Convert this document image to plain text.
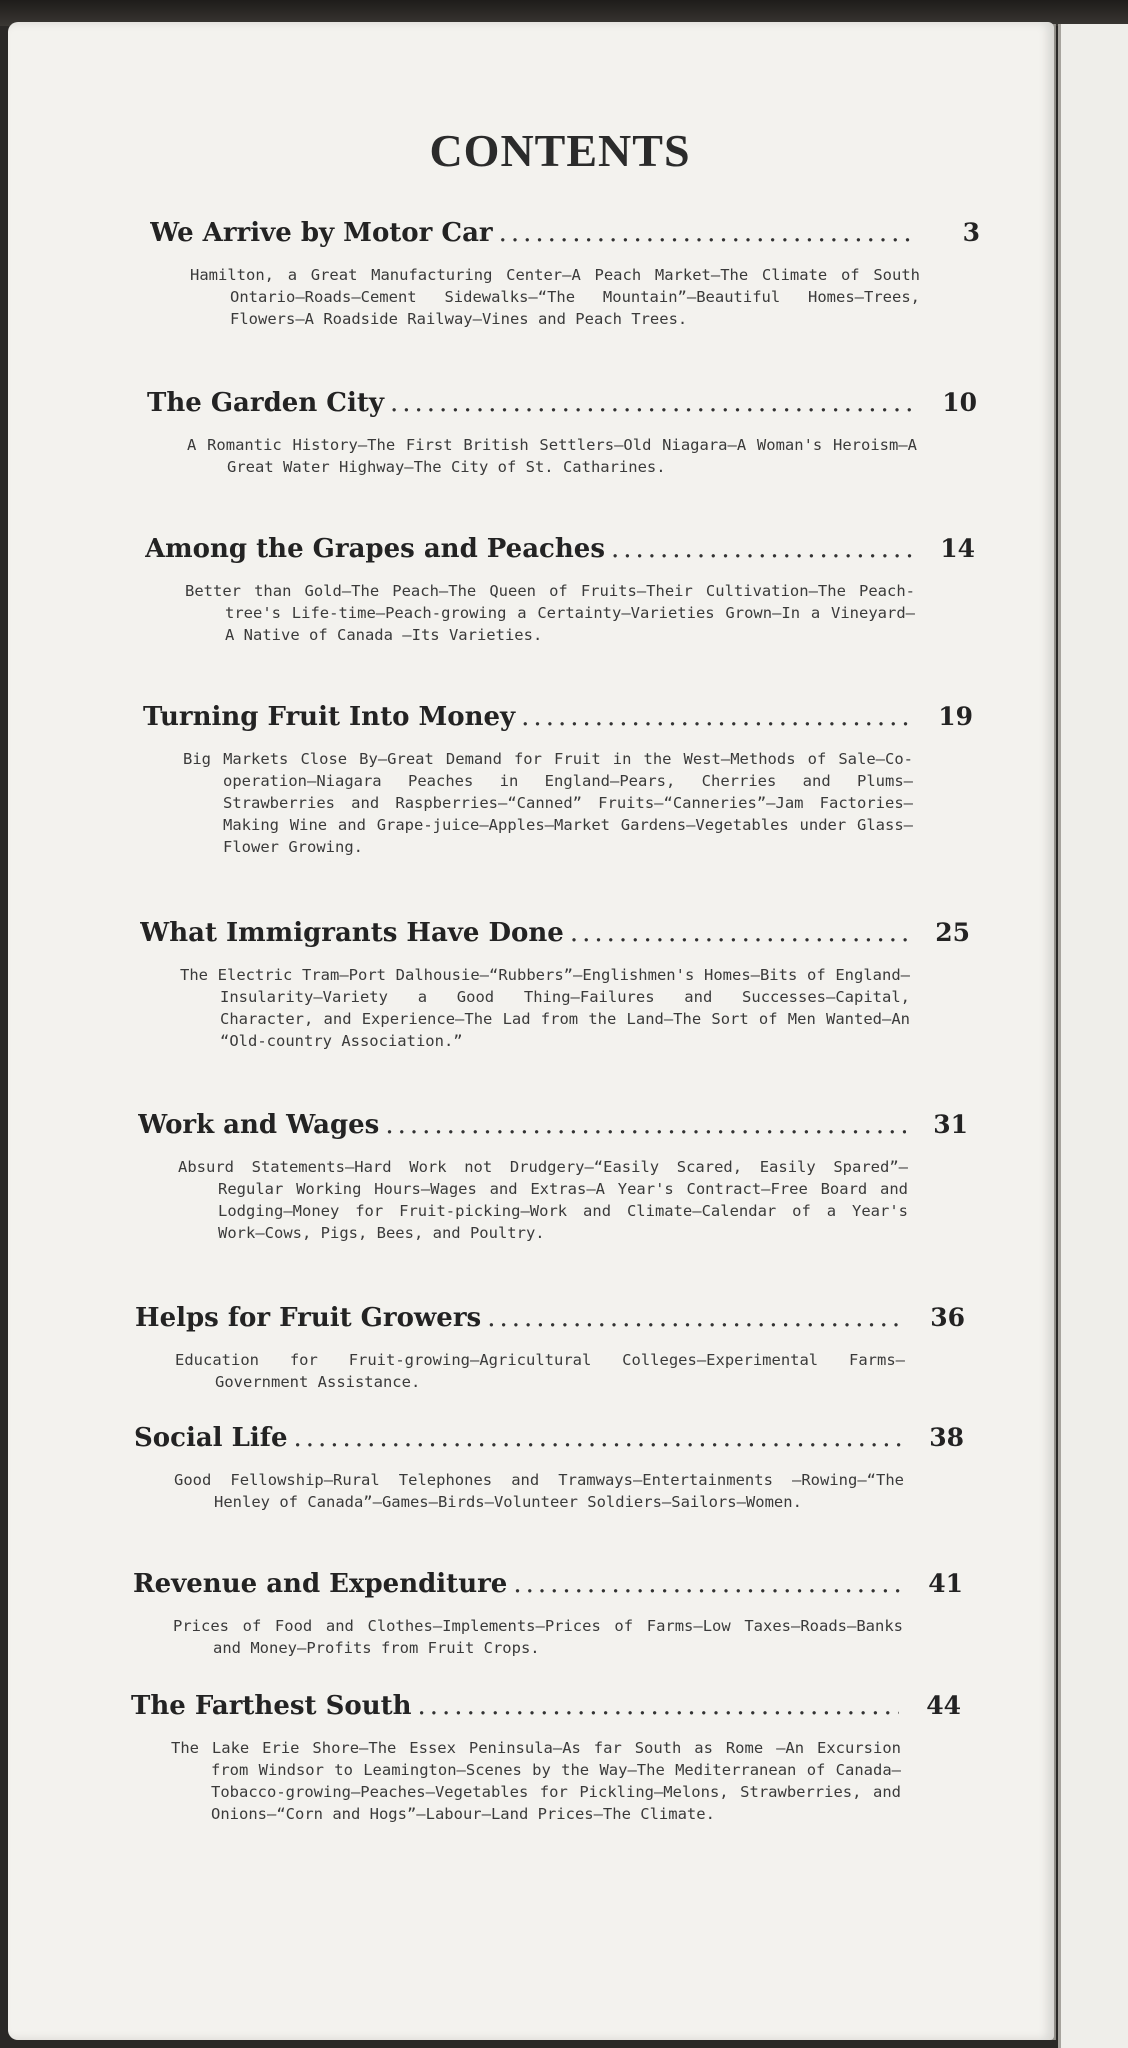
CONTENTS
We Arrive by Motor Car .....	3
Hamilton, a Great Manufacturing Center—A Peach Market—The Climate of South Ontario—Roads—Cement Sidewalks—“The Mountain”—Beautiful Homes—Trees, Flowers—A Roadside Railway—Vines and Peach Trees.
The Garden City .....	10
A Romantic History—The First British Settlers—Old Niagara—A Woman's Heroism—A Great Water Highway—The City of St. Catharines.
Among the Grapes and Peaches .....	14
Better than Gold—The Peach—The Queen of Fruits—Their Cultivation—The Peach-tree's Life-time—Peach-growing a Certainty—Varieties Grown—In a Vineyard—A Native of Canada —Its Varieties.
Turning Fruit Into Money .....	19
Big Markets Close By—Great Demand for Fruit in the West—Methods of Sale—Co-operation—Niagara Peaches in England—Pears, Cherries and Plums—Strawberries and Raspberries—“Canned” Fruits—“Canneries”—Jam Factories—Making Wine and Grape-juice—Apples—Market Gardens—Vegetables under Glass—Flower Growing.
What Immigrants Have Done .....	25
The Electric Tram—Port Dalhousie—“Rubbers”—Englishmen's Homes—Bits of England—Insularity—Variety a Good Thing—Failures and Successes—Capital, Character, and Experience—The Lad from the Land—The Sort of Men Wanted—An “Old-country Association.”
Work and Wages .....	31
Absurd Statements—Hard Work not Drudgery—“Easily Scared, Easily Spared”—Regular Working Hours—Wages and Extras—A Year's Contract—Free Board and Lodging—Money for Fruit-picking—Work and Climate—Calendar of a Year's Work—Cows, Pigs, Bees, and Poultry.
Helps for Fruit Growers .....	36
Education for Fruit-growing—Agricultural Colleges—Experimental Farms—Government Assistance.
Social Life .....	38
Good Fellowship—Rural Telephones and Tramways—Entertainments —Rowing—“The Henley of Canada”—Games—Birds—Volunteer Soldiers—Sailors—Women.
Revenue and Expenditure .....	41
Prices of Food and Clothes—Implements—Prices of Farms—Low Taxes—Roads—Banks and Money—Profits from Fruit Crops.
The Farthest South .....	44
The Lake Erie Shore—The Essex Peninsula—As far South as Rome —An Excursion from Windsor to Leamington—Scenes by the Way—The Mediterranean of Canada—Tobacco-growing—Peaches—Vegetables for Pickling—Melons, Strawberries, and Onions—“Corn and Hogs”—Labour—Land Prices—The Climate.
